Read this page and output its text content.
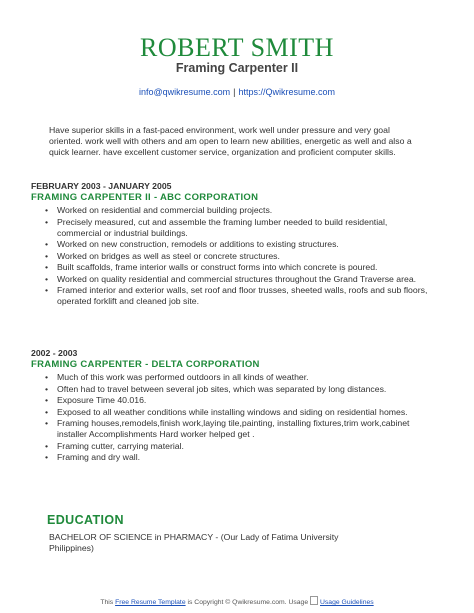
ROBERT SMITH
Framing Carpenter II
info@qwikresume.com | https://Qwikresume.com
Have superior skills in a fast-paced environment, work well under pressure and very goal oriented. work well with others and am open to learn new abilities, energetic as well and also a quick learner. have excellent customer service, organization and proficient computer skills.
FEBRUARY 2003 - JANUARY 2005
FRAMING CARPENTER II - ABC CORPORATION
• Worked on residential and commercial building projects.
• Precisely measured, cut and assemble the framing lumber needed to build residential, commercial or industrial buildings.
• Worked on new construction, remodels or additions to existing structures.
• Worked on bridges as well as steel or concrete structures.
• Built scaffolds, frame interior walls or construct forms into which concrete is poured.
• Worked on quality residential and commercial structures throughout the Grand Traverse area.
• Framed interior and exterior walls, set roof and floor trusses, sheeted walls, roofs and sub floors, operated forklift and cleaned job site.
2002 - 2003
FRAMING CARPENTER - DELTA CORPORATION
• Much of this work was performed outdoors in all kinds of weather.
• Often had to travel between several job sites, which was separated by long distances.
• Exposure Time 40.016.
• Exposed to all weather conditions while installing windows and siding on residential homes.
• Framing houses,remodels,finish work,laying tile,painting, installing fixtures,trim work,cabinet installer Accomplishments Hard worker helped get .
• Framing cutter, carrying material.
• Framing and dry wall.
EDUCATION
BACHELOR OF SCIENCE in PHARMACY - (Our Lady of Fatima University Philippines)
This Free Resume Template is Copyright © Qwikresume.com. Usage Usage Guidelines
